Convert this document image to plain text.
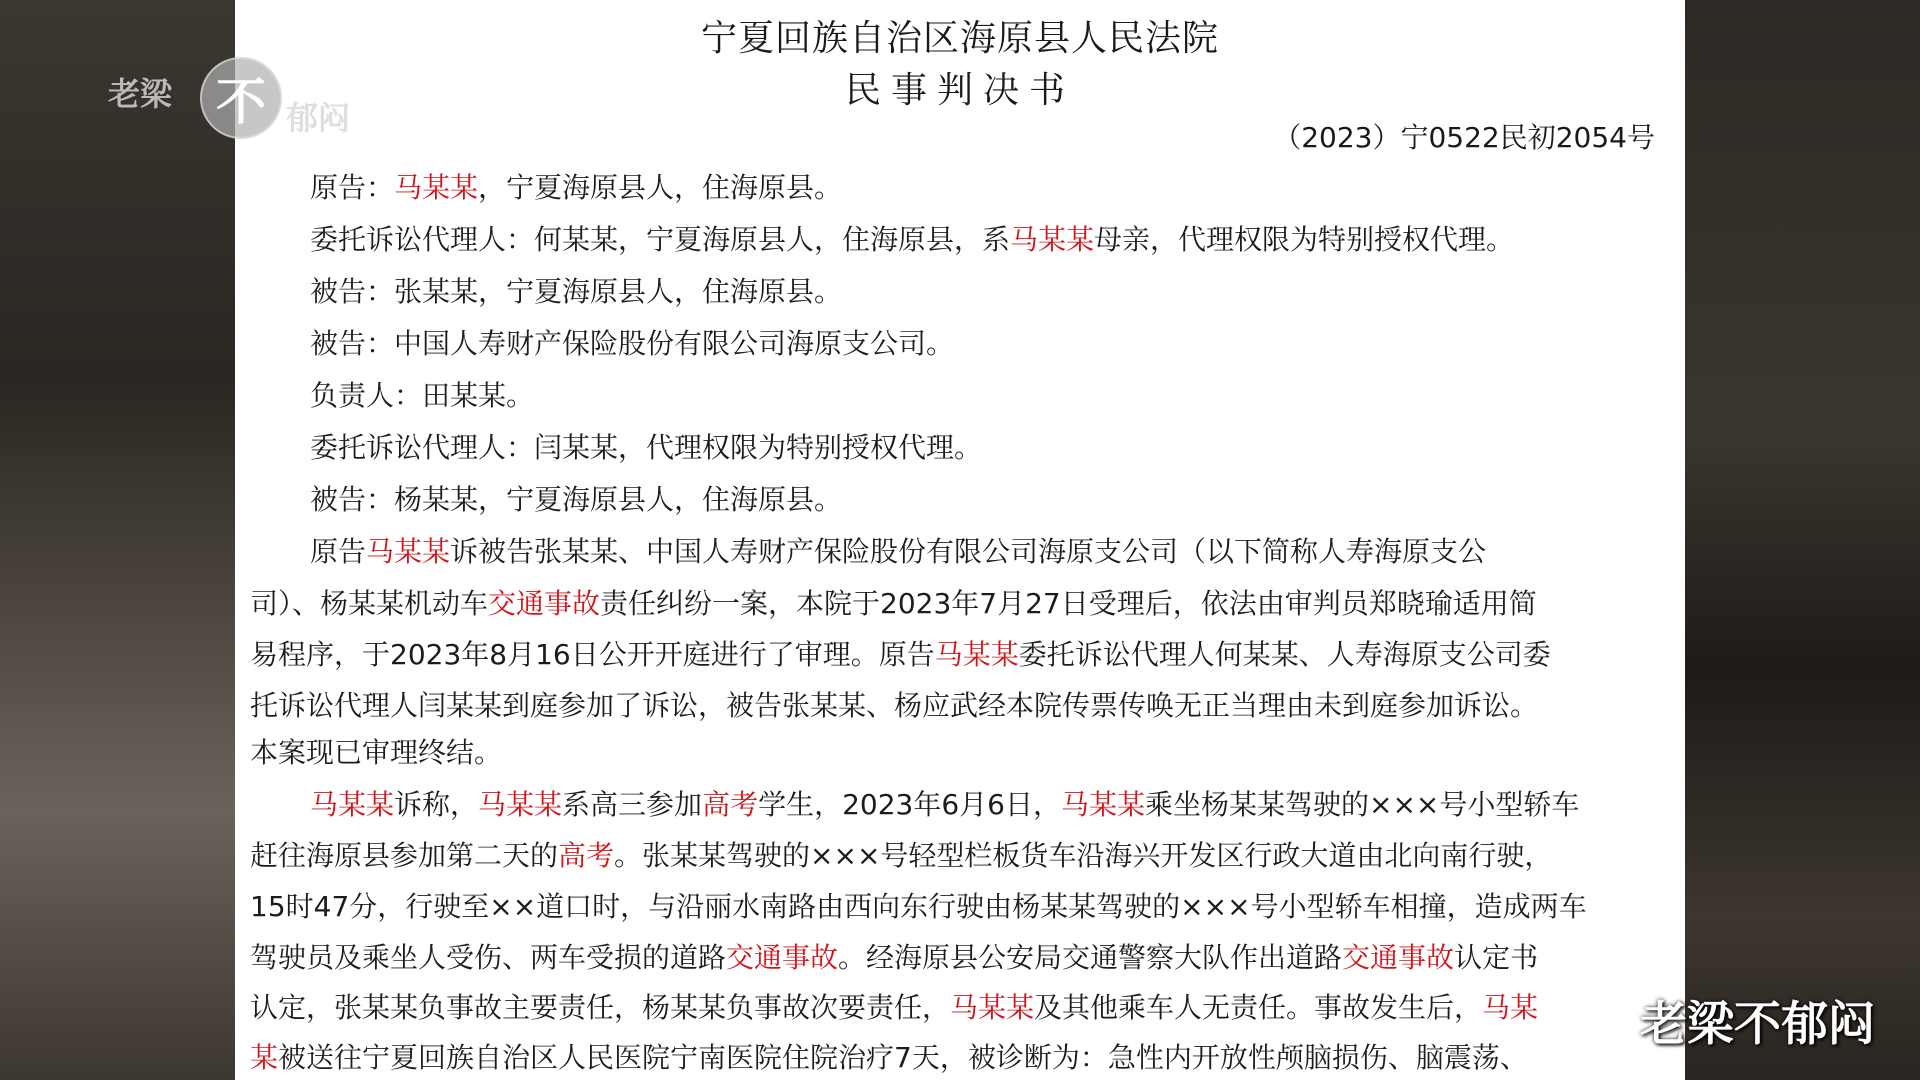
宁夏回族自治区海原县人民法院
民事判决书
（2023）宁0522民初2054号
原告：马某某，宁夏海原县人，住海原县。
委托诉讼代理人：何某某，宁夏海原县人，住海原县，系马某某母亲，代理权限为特别授权代理。
被告：张某某，宁夏海原县人，住海原县。
被告：中国人寿财产保险股份有限公司海原支公司。
负责人：田某某。
委托诉讼代理人：闫某某，代理权限为特别授权代理。
被告：杨某某，宁夏海原县人，住海原县。
原告马某某诉被告张某某、中国人寿财产保险股份有限公司海原支公司（以下简称人寿海原支公
司）、杨某某机动车交通事故责任纠纷一案，本院于2023年7月27日受理后，依法由审判员郑晓瑜适用简
易程序，于2023年8月16日公开开庭进行了审理。原告马某某委托诉讼代理人何某某、人寿海原支公司委
托诉讼代理人闫某某到庭参加了诉讼，被告张某某、杨应武经本院传票传唤无正当理由未到庭参加诉讼。
本案现已审理终结。
马某某诉称，马某某系高三参加高考学生，2023年6月6日，马某某乘坐杨某某驾驶的×××号小型轿车
赶往海原县参加第二天的高考。张某某驾驶的×××号轻型栏板货车沿海兴开发区行政大道由北向南行驶，
15时47分，行驶至××道口时，与沿丽水南路由西向东行驶由杨某某驾驶的×××号小型轿车相撞，造成两车
驾驶员及乘坐人受伤、两车受损的道路交通事故。经海原县公安局交通警察大队作出道路交通事故认定书
认定，张某某负事故主要责任，杨某某负事故次要责任，马某某及其他乘车人无责任。事故发生后，马某
某被送往宁夏回族自治区人民医院宁南医院住院治疗7天，被诊断为：急性内开放性颅脑损伤、脑震荡、
老梁 不 郁闷
老梁不郁闷
